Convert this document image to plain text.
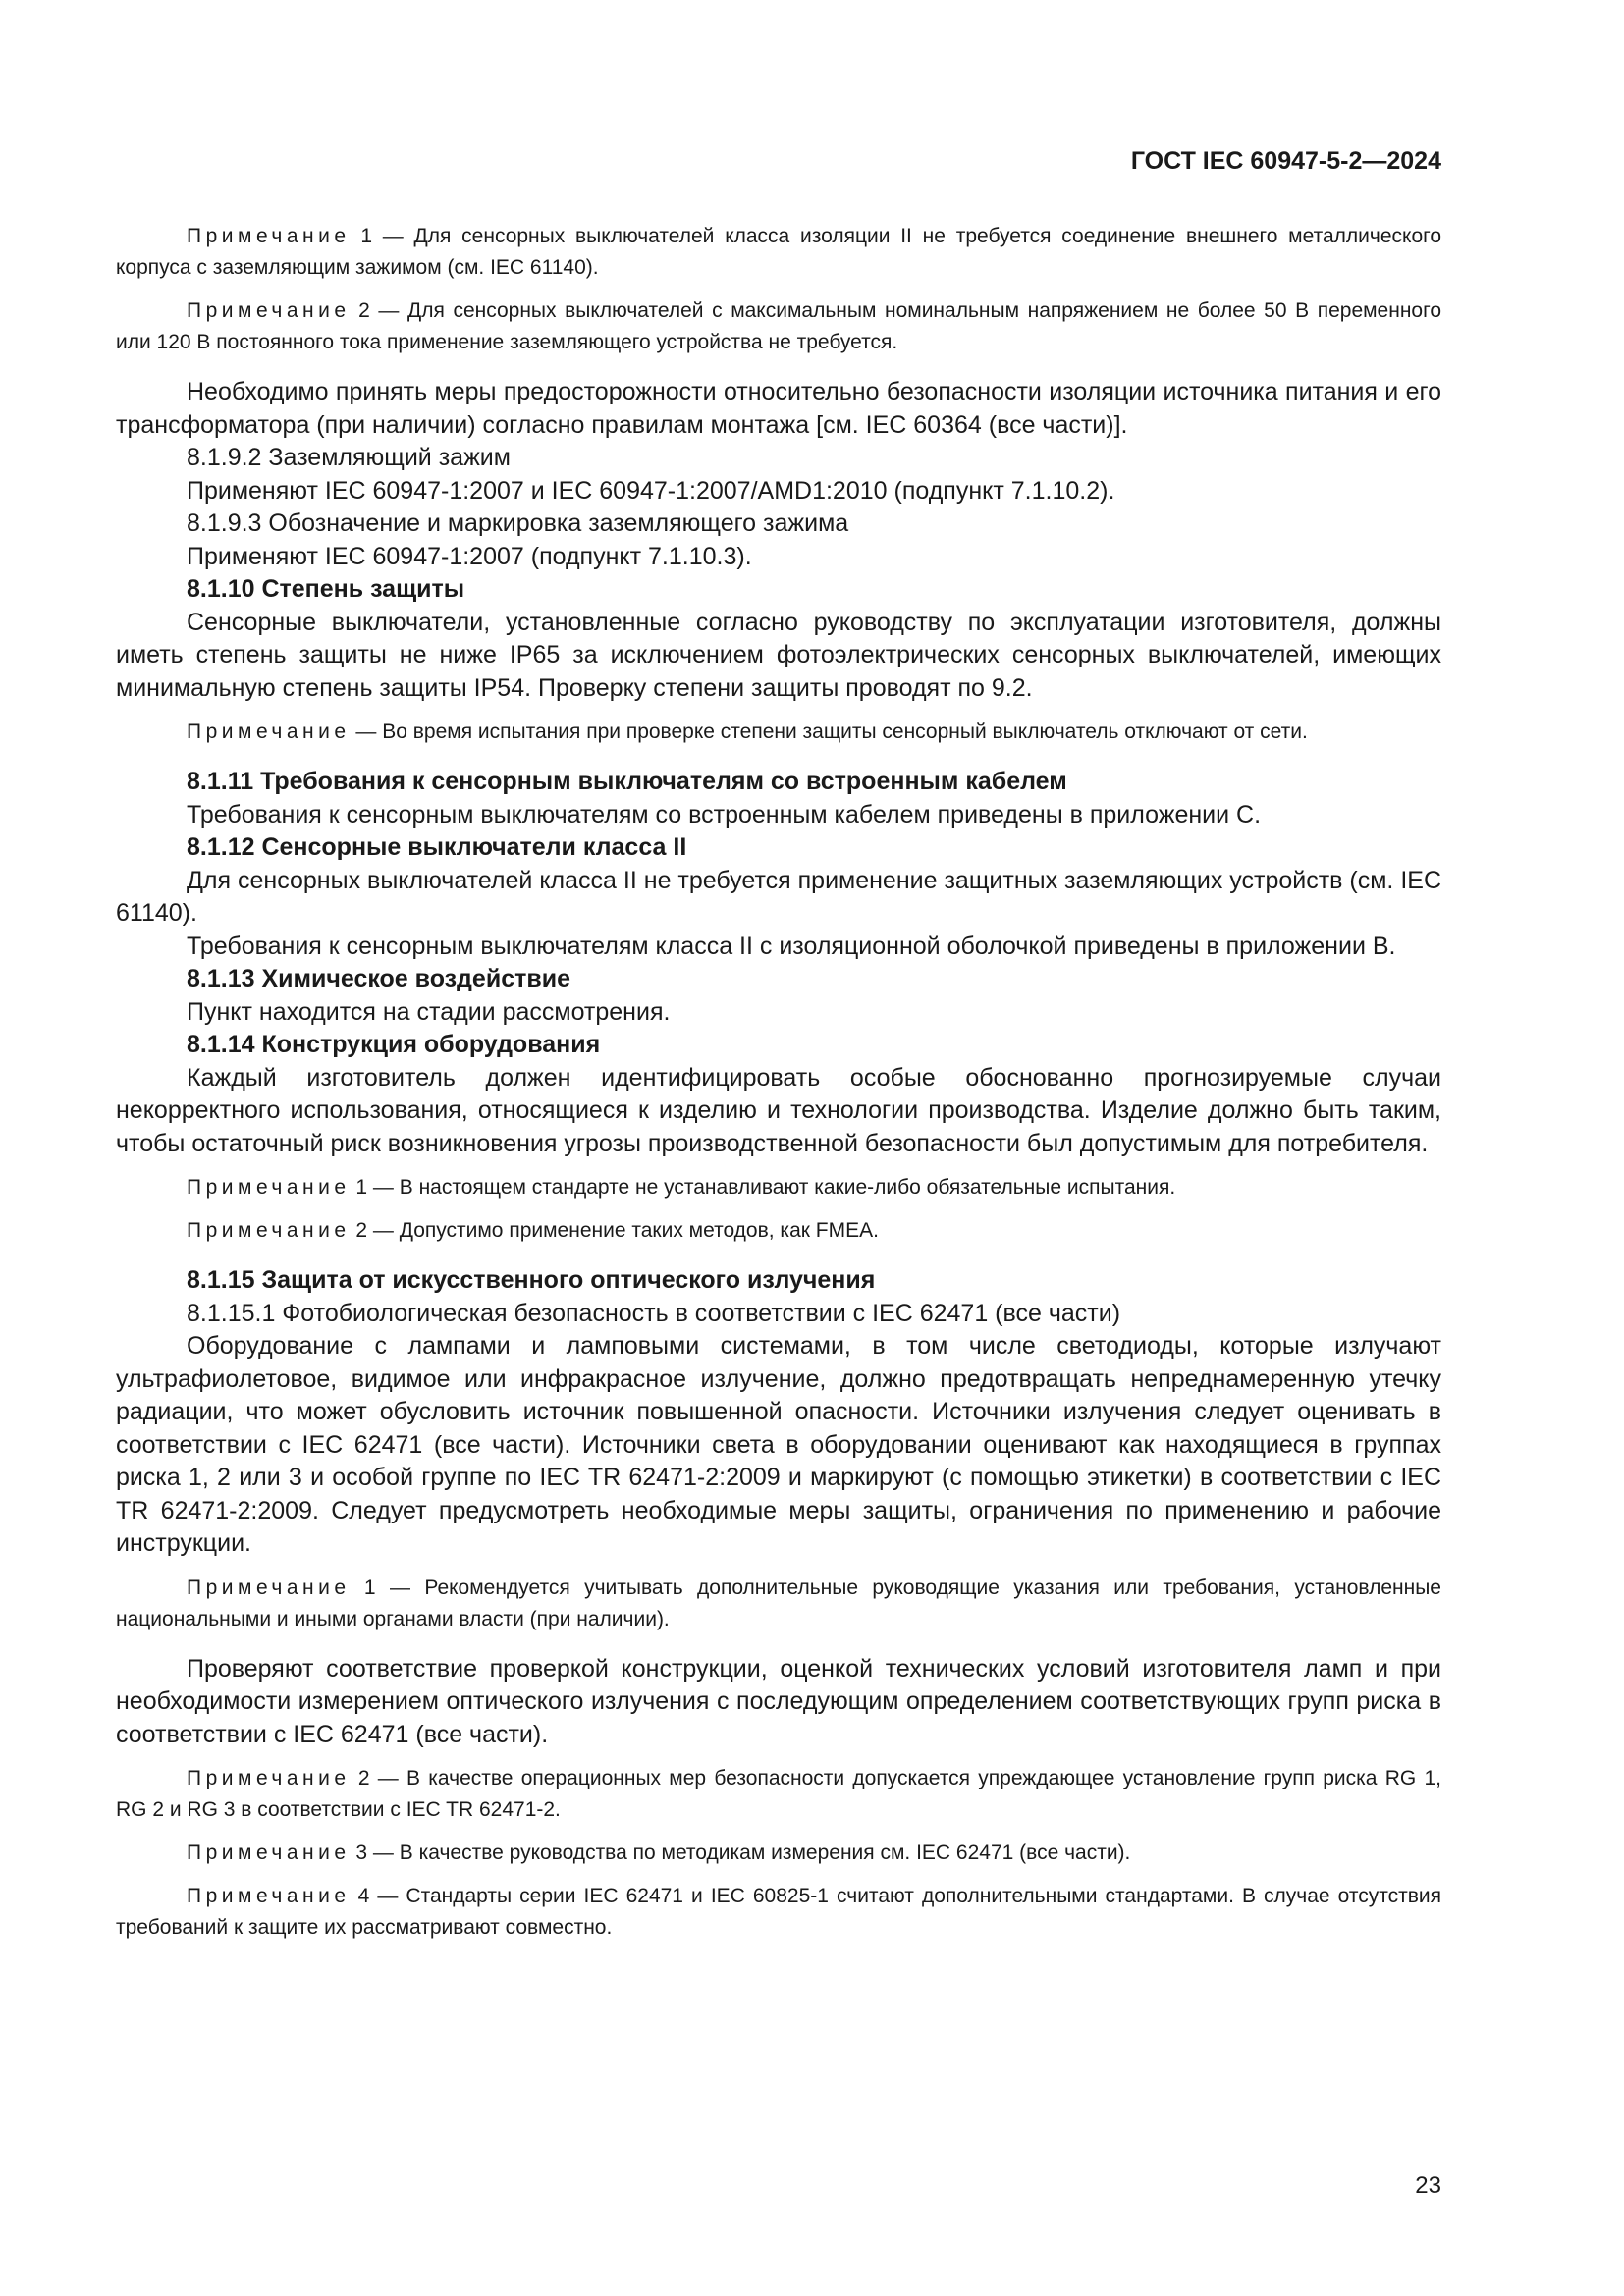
ГОСТ IEC 60947-5-2—2024

Примечание 1 — Для сенсорных выключателей класса изоляции II не требуется соединение внешнего металлического корпуса с заземляющим зажимом (см. IEC 61140).

Примечание 2 — Для сенсорных выключателей с максимальным номинальным напряжением не более 50 В переменного или 120 В постоянного тока применение заземляющего устройства не требуется.

Необходимо принять меры предосторожности относительно безопасности изоляции источника питания и его трансформатора (при наличии) согласно правилам монтажа [см. IEC 60364 (все части)].

8.1.9.2 Заземляющий зажим

Применяют IEC 60947-1:2007 и IEC 60947-1:2007/AMD1:2010 (подпункт 7.1.10.2).

8.1.9.3 Обозначение и маркировка заземляющего зажима

Применяют IEC 60947-1:2007 (подпункт 7.1.10.3).

8.1.10 Степень защиты

Сенсорные выключатели, установленные согласно руководству по эксплуатации изготовителя, должны иметь степень защиты не ниже IP65 за исключением фотоэлектрических сенсорных выключателей, имеющих минимальную степень защиты IP54. Проверку степени защиты проводят по 9.2.

Примечание — Во время испытания при проверке степени защиты сенсорный выключатель отключают от сети.

8.1.11 Требования к сенсорным выключателям со встроенным кабелем

Требования к сенсорным выключателям со встроенным кабелем приведены в приложении С.

8.1.12 Сенсорные выключатели класса II

Для сенсорных выключателей класса II не требуется применение защитных заземляющих устройств (см. IEC 61140).

Требования к сенсорным выключателям класса II с изоляционной оболочкой приведены в приложении В.

8.1.13 Химическое воздействие

Пункт находится на стадии рассмотрения.

8.1.14 Конструкция оборудования

Каждый изготовитель должен идентифицировать особые обоснованно прогнозируемые случаи некорректного использования, относящиеся к изделию и технологии производства. Изделие должно быть таким, чтобы остаточный риск возникновения угрозы производственной безопасности был допустимым для потребителя.

Примечание 1 — В настоящем стандарте не устанавливают какие-либо обязательные испытания.

Примечание 2 — Допустимо применение таких методов, как FMEA.

8.1.15 Защита от искусственного оптического излучения

8.1.15.1 Фотобиологическая безопасность в соответствии с IEC 62471 (все части)

Оборудование с лампами и ламповыми системами, в том числе светодиоды, которые излучают ультрафиолетовое, видимое или инфракрасное излучение, должно предотвращать непреднамеренную утечку радиации, что может обусловить источник повышенной опасности. Источники излучения следует оценивать в соответствии с IEC 62471 (все части). Источники света в оборудовании оценивают как находящиеся в группах риска 1, 2 или 3 и особой группе по IEC TR 62471-2:2009 и маркируют (с помощью этикетки) в соответствии с IEC TR 62471-2:2009. Следует предусмотреть необходимые меры защиты, ограничения по применению и рабочие инструкции.

Примечание 1 — Рекомендуется учитывать дополнительные руководящие указания или требования, установленные национальными и иными органами власти (при наличии).

Проверяют соответствие проверкой конструкции, оценкой технических условий изготовителя ламп и при необходимости измерением оптического излучения с последующим определением соответствующих групп риска в соответствии с IEC 62471 (все части).

Примечание 2 — В качестве операционных мер безопасности допускается упреждающее установление групп риска RG 1, RG 2 и RG 3 в соответствии с IEC TR 62471-2.

Примечание 3 — В качестве руководства по методикам измерения см. IEC 62471 (все части).

Примечание 4 — Стандарты серии IEC 62471 и IEC 60825-1 считают дополнительными стандартами. В случае отсутствия требований к защите их рассматривают совместно.

23
